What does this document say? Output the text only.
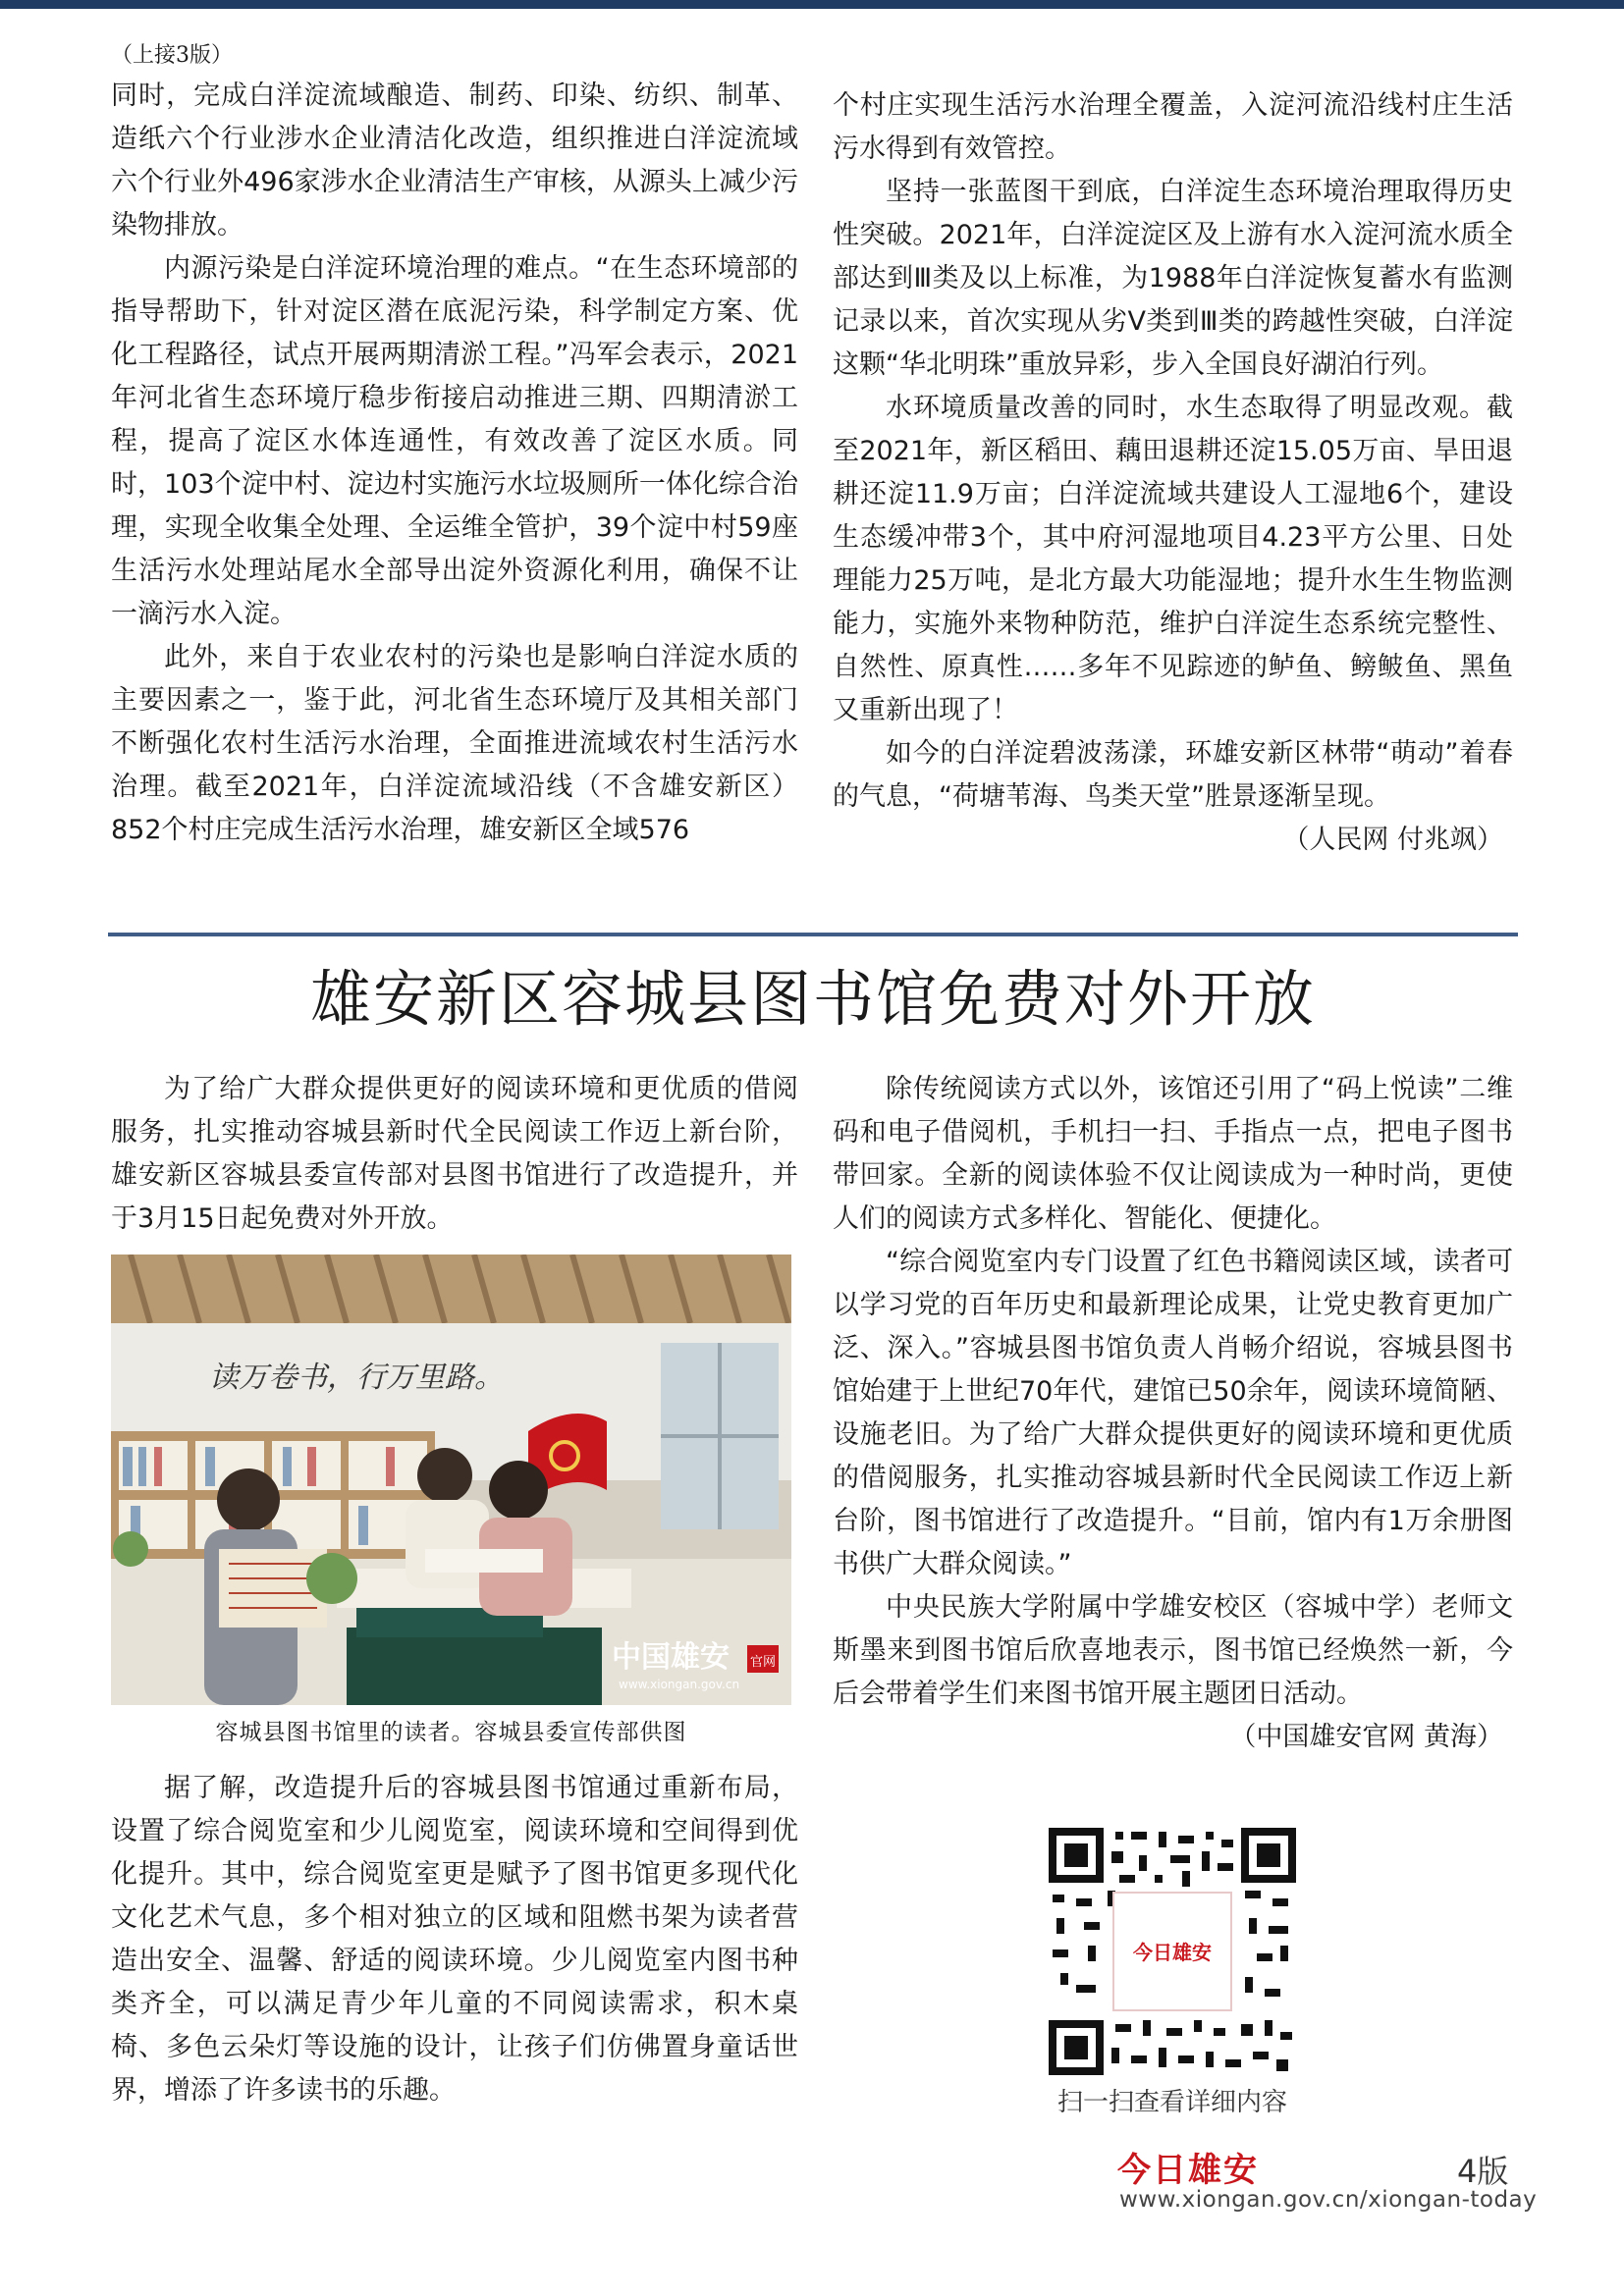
（上接3版）

同时，完成白洋淀流域酿造、制药、印染、纺织、制革、造纸六个行业涉水企业清洁化改造，组织推进白洋淀流域六个行业外496家涉水企业清洁生产审核，从源头上减少污染物排放。

内源污染是白洋淀环境治理的难点。“在生态环境部的指导帮助下，针对淀区潜在底泥污染，科学制定方案、优化工程路径，试点开展两期清淤工程。”冯军会表示，2021年河北省生态环境厅稳步衔接启动推进三期、四期清淤工程，提高了淀区水体连通性，有效改善了淀区水质。同时，103个淀中村、淀边村实施污水垃圾厕所一体化综合治理，实现全收集全处理、全运维全管护，39个淀中村59座生活污水处理站尾水全部导出淀外资源化利用，确保不让一滴污水入淀。

此外，来自于农业农村的污染也是影响白洋淀水质的主要因素之一，鉴于此，河北省生态环境厅及其相关部门不断强化农村生活污水治理，全面推进流域农村生活污水治理。截至2021年，白洋淀流域沿线（不含雄安新区）852个村庄完成生活污水治理，雄安新区全域576

个村庄实现生活污水治理全覆盖，入淀河流沿线村庄生活污水得到有效管控。

坚持一张蓝图干到底，白洋淀生态环境治理取得历史性突破。2021年，白洋淀淀区及上游有水入淀河流水质全部达到Ⅲ类及以上标准，为1988年白洋淀恢复蓄水有监测记录以来，首次实现从劣Ⅴ类到Ⅲ类的跨越性突破，白洋淀这颗“华北明珠”重放异彩，步入全国良好湖泊行列。

水环境质量改善的同时，水生态取得了明显改观。截至2021年，新区稻田、藕田退耕还淀15.05万亩、旱田退耕还淀11.9万亩；白洋淀流域共建设人工湿地6个，建设生态缓冲带3个，其中府河湿地项目4.23平方公里、日处理能力25万吨，是北方最大功能湿地；提升水生生物监测能力，实施外来物种防范，维护白洋淀生态系统完整性、自然性、原真性……多年不见踪迹的鲈鱼、鳑鲏鱼、黑鱼又重新出现了！

如今的白洋淀碧波荡漾，环雄安新区林带“萌动”着春的气息，“荷塘苇海、鸟类天堂”胜景逐渐呈现。

（人民网 付兆飒）

雄安新区容城县图书馆免费对外开放

为了给广大群众提供更好的阅读环境和更优质的借阅服务，扎实推动容城县新时代全民阅读工作迈上新台阶，雄安新区容城县委宣传部对县图书馆进行了改造提升，并于3月15日起免费对外开放。

读万卷书，行万里路。
中国雄安 官网
www.xiongan.gov.cn
容城县图书馆里的读者。容城县委宣传部供图

据了解，改造提升后的容城县图书馆通过重新布局，设置了综合阅览室和少儿阅览室，阅读环境和空间得到优化提升。其中，综合阅览室更是赋予了图书馆更多现代化文化艺术气息，多个相对独立的区域和阻燃书架为读者营造出安全、温馨、舒适的阅读环境。少儿阅览室内图书种类齐全，可以满足青少年儿童的不同阅读需求，积木桌椅、多色云朵灯等设施的设计，让孩子们仿佛置身童话世界，增添了许多读书的乐趣。

除传统阅读方式以外，该馆还引用了“码上悦读”二维码和电子借阅机，手机扫一扫、手指点一点，把电子图书带回家。全新的阅读体验不仅让阅读成为一种时尚，更使人们的阅读方式多样化、智能化、便捷化。

“综合阅览室内专门设置了红色书籍阅读区域，读者可以学习党的百年历史和最新理论成果，让党史教育更加广泛、深入。”容城县图书馆负责人肖畅介绍说，容城县图书馆始建于上世纪70年代，建馆已50余年，阅读环境简陋、设施老旧。为了给广大群众提供更好的阅读环境和更优质的借阅服务，扎实推动容城县新时代全民阅读工作迈上新台阶，图书馆进行了改造提升。“目前，馆内有1万余册图书供广大群众阅读。”

中央民族大学附属中学雄安校区（容城中学）老师文斯墨来到图书馆后欣喜地表示，图书馆已经焕然一新，今后会带着学生们来图书馆开展主题团日活动。

（中国雄安官网 黄海）

今日雄安
扫一扫查看详细内容
今日雄安	4版
www.xiongan.gov.cn/xiongan-today
